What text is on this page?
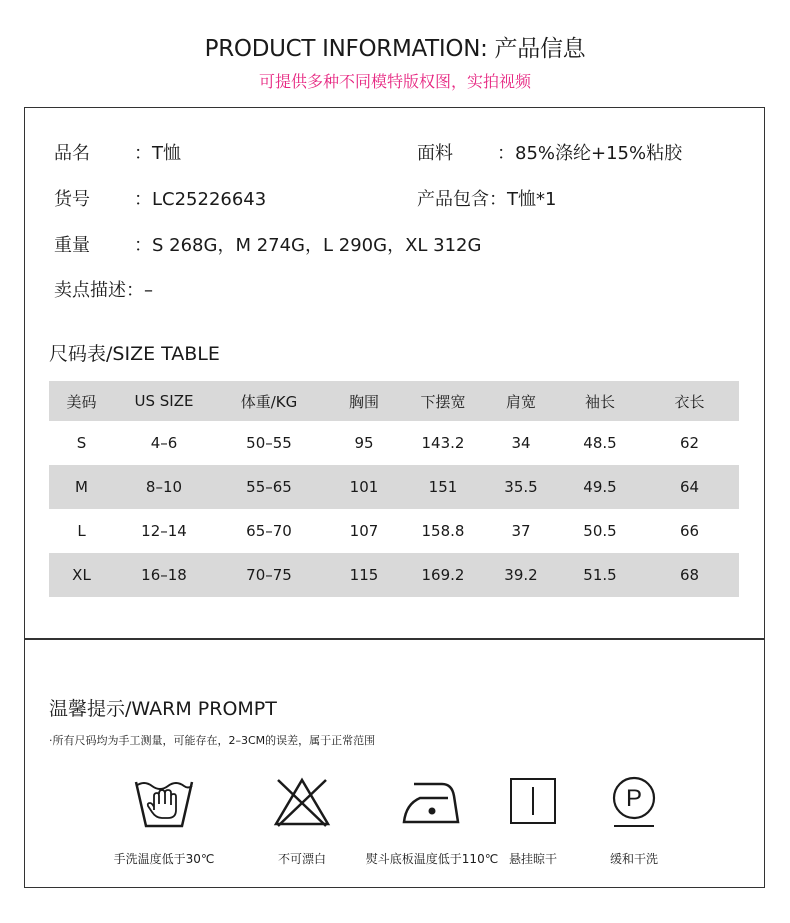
PRODUCT INFORMATION: 产品信息
可提供多种不同模特版权图，实拍视频
品名 ：T恤	面料 ：85%涤纶+15%粘胶
货号 ：LC25226643	产品包含：T恤*1
重量 ：S 268G，M 274G，L 290G，XL 312G
卖点描述：–
尺码表/SIZE TABLE
美码	US SIZE	体重/KG	胸围	下摆宽	肩宽	袖长	衣长
S	4–6	50–55	95	143.2	34	48.5	62
M	8–10	55–65	101	151	35.5	49.5	64
L	12–14	65–70	107	158.8	37	50.5	66
XL	16–18	70–75	115	169.2	39.2	51.5	68
温馨提示/WARM PROMPT
·所有尺码均为手工测量，可能存在，2–3CM的误差，属于正常范围
手洗温度低于30℃	不可漂白	熨斗底板温度低于110℃ 悬挂晾干
P
缓和干洗
